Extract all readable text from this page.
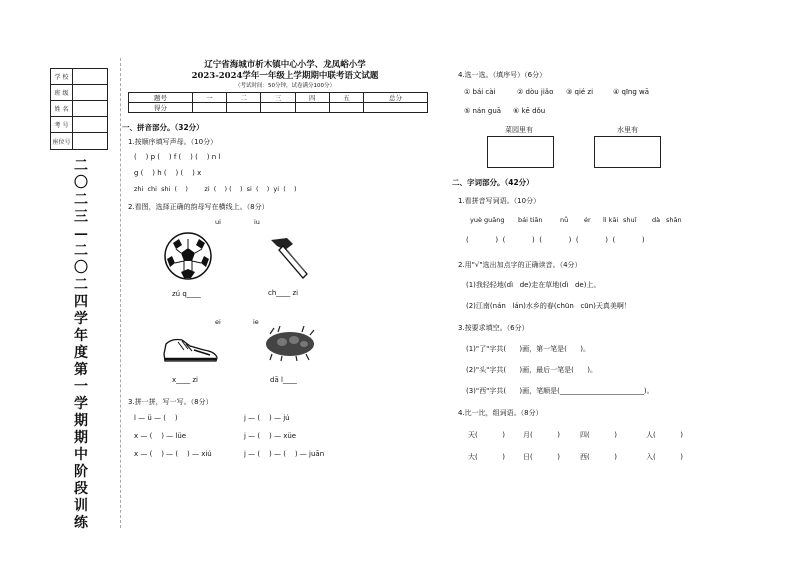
学 校
班 级
姓 名
考 号
座位号
二
〇
二
三
—
二
〇
二
四
学
年
度
第
一
学
期
期
中
阶
段
训
练
辽宁省海城市析木镇中心小学、龙凤峪小学
2023-2024学年一年级上学期期中联考语文试题
（考试时间：50分钟，试卷满分100分）
题号	一	二	三	四	五	总分
得分						
一、拼音部分。（32分）
1.按顺序填写声母。（10分）
(    ) p (    ) f (    ) (    ) n l
g (    ) h (    ) (    ) x
zhi  chi  shi  (    )        zi  (    ) (    )  si  (    )  yi  (    )
2.看图，选择正确的韵母写在横线上。（8分）
ui	iu
zú q____	ch____ zi
ei	ie
x____ zi	dā l____
3.拼一拼，写一写。（8分）
l — ü — (    )	j — (    ) — jú
x — (    ) — lüe	j — (    ) — xüe
x — (    ) — (    ) — xiú	j — (    ) — (    ) — juān
4.选一选。（填序号）（6分）
① bái cài	② dòu jiǎo ③ qié zi	④ qīng wā
⑤ nán guā ⑥ kē dǒu
菜园里有	水里有
二、字词部分。（42分）
1.看拼音写词语。（10分）
yuè guāng bái tiān	nǚ ér lì kāi shuǐ dà shān
(            )  (            )  (            )  (            )  (            )
2.用"√"选出加点字的正确读音。（4分）
(1)我轻轻地(dì   de)走在草地(dì   de)上。
(2)江南(nán   lán)水乡的春(chūn   cūn)天真美啊！
3.按要求填空。（6分）
(1)"了"字共(      )画，第一笔是(      )。
(2)"头"字共(      )画，最后一笔是(      )。
(3)"西"字共(      )画，笔顺是(________________________)。
4.比一比，组词语。（8分）
天(           )	月(           )	四(           )	人(           )
大(           )	日(           )	西(           )	入(           )
